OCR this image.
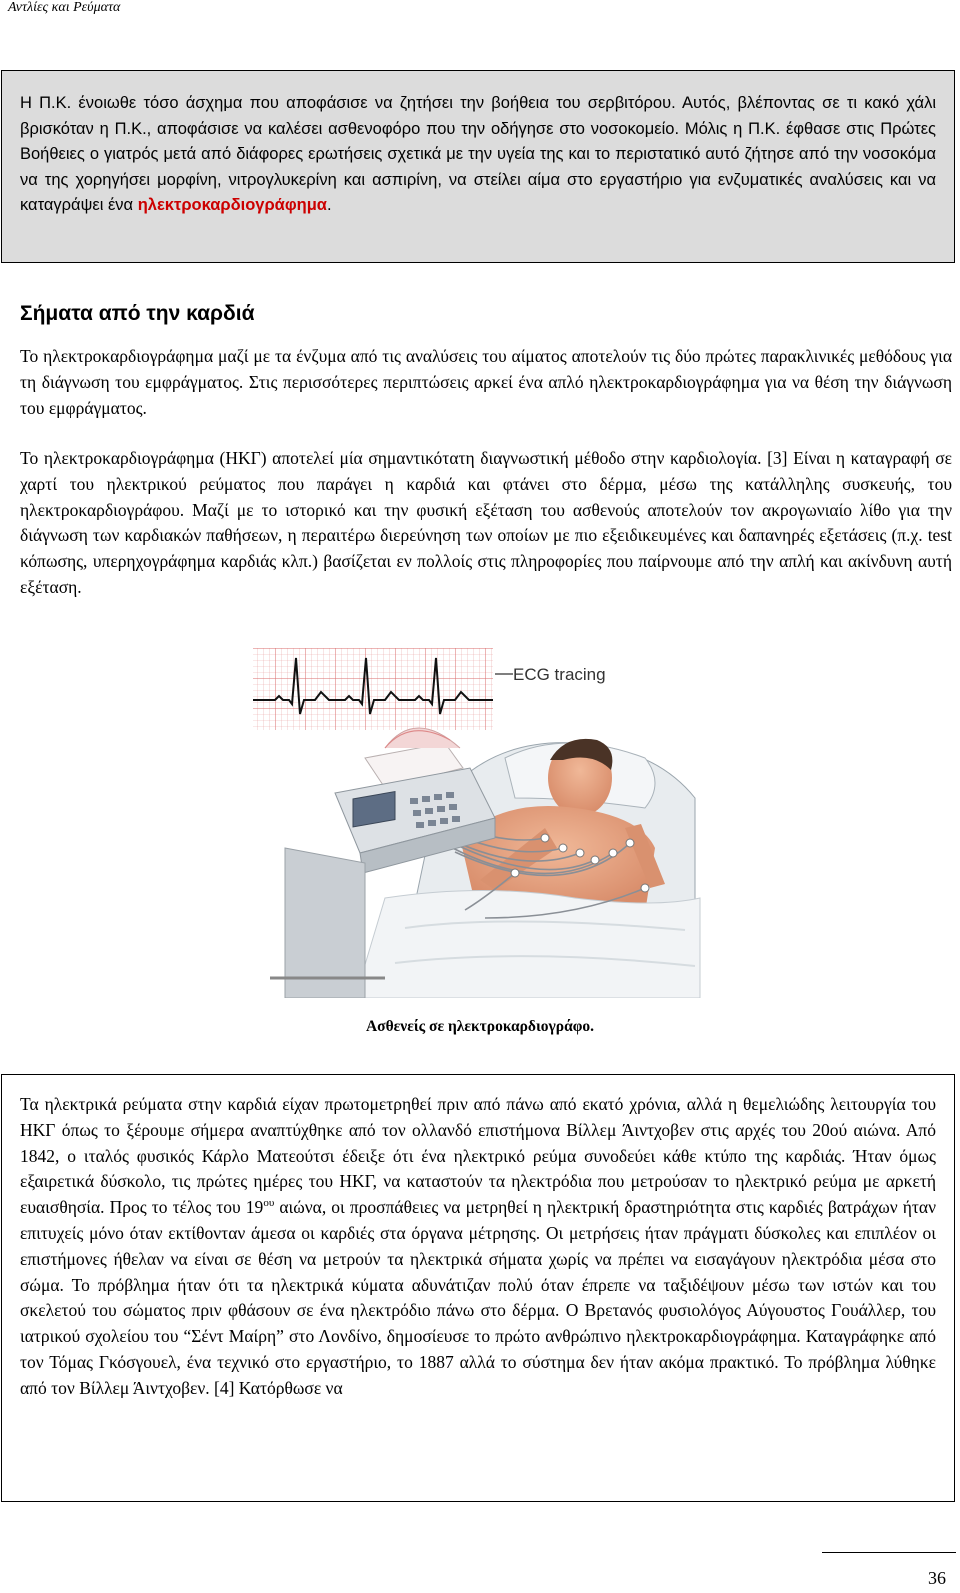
Αντλίες και Ρεύματα

Η Π.Κ. ένοιωθε τόσο άσχημα που αποφάσισε να ζητήσει την βοήθεια του σερβιτόρου. Αυτός, βλέποντας σε τι κακό χάλι βρισκόταν η Π.Κ., αποφάσισε να καλέσει ασθενοφόρο που την οδήγησε στο νοσοκομείο. Μόλις η Π.Κ. έφθασε στις Πρώτες Βοήθειες ο γιατρός μετά από διάφορες ερωτήσεις σχετικά με την υγεία της και το περιστατικό αυτό ζήτησε από την νοσοκόμα να της χορηγήσει μορφίνη, νιτρογλυκερίνη και ασπιρίνη, να στείλει αίμα στο εργαστήριο για ενζυματικές αναλύσεις και να καταγράψει ένα ηλεκτροκαρδιογράφημα.

Σήματα από την καρδιά

Το ηλεκτροκαρδιογράφημα μαζί με τα ένζυμα από τις αναλύσεις του αίματος αποτελούν τις δύο πρώτες παρακλινικές μεθόδους για τη διάγνωση του εμφράγματος. Στις περισσότερες περιπτώσεις αρκεί ένα απλό ηλεκτροκαρδιογράφημα για να θέση την διάγνωση του εμφράγματος.

Το ηλεκτροκαρδιογράφημα (ΗΚΓ) αποτελεί μία σημαντικότατη διαγνωστική μέθοδο στην καρδιολογία. [3] Είναι η καταγραφή σε χαρτί του ηλεκτρικού ρεύματος που παράγει η καρδιά και φτάνει στο δέρμα, μέσω της κατάλληλης συσκευής, του ηλεκτροκαρδιογράφου. Μαζί με το ιστορικό και την φυσική εξέταση του ασθενούς αποτελούν τον ακρογωνιαίο λίθο για την διάγνωση των καρδιακών παθήσεων, η περαιτέρω διερεύνηση των οποίων με πιο εξειδικευμένες και δαπανηρές εξετάσεις (π.χ. test κόπωσης, υπερηχογράφημα καρδιάς κλπ.) βασίζεται εν πολλοίς στις πληροφορίες που παίρνουμε από την απλή και ακίνδυνη αυτή εξέταση.

ECG tracing
Ασθενείς σε ηλεκτροκαρδιογράφο.

Τα ηλεκτρικά ρεύματα στην καρδιά είχαν πρωτομετρηθεί πριν από πάνω από εκατό χρόνια, αλλά η θεμελιώδης λειτουργία του ΗΚΓ όπως το ξέρουμε σήμερα αναπτύχθηκε από τον ολλανδό επιστήμονα Βίλλεμ Άιντχοβεν στις αρχές του 20ού αιώνα. Από 1842, ο ιταλός φυσικός Κάρλο Ματεούτσι έδειξε ότι ένα ηλεκτρικό ρεύμα συνοδεύει κάθε κτύπο της καρδιάς. Ήταν όμως εξαιρετικά δύσκολο, τις πρώτες ημέρες του ΗΚΓ, να καταστούν τα ηλεκτρόδια που μετρούσαν το ηλεκτρικό ρεύμα με αρκετή ευαισθησία. Προς το τέλος του $19^{o\upsilon}$ αιώνα, οι προσπάθειες να μετρηθεί η ηλεκτρική δραστηριότητα στις καρδιές βατράχων ήταν επιτυχείς μόνο όταν εκτίθονταν άμεσα οι καρδιές στα όργανα μέτρησης. Οι μετρήσεις ήταν πράγματι δύσκολες και επιπλέον οι επιστήμονες ήθελαν να είναι σε θέση να μετρούν τα ηλεκτρικά σήματα χωρίς να πρέπει να εισαγάγουν ηλεκτρόδια μέσα στο σώμα. Το πρόβλημα ήταν ότι τα ηλεκτρικά κύματα αδυνάτιζαν πολύ όταν έπρεπε να ταξιδέψουν μέσω των ιστών και του σκελετού του σώματος πριν φθάσουν σε ένα ηλεκτρόδιο πάνω στο δέρμα. Ο Βρετανός φυσιολόγος Αύγουστος Γουάλλερ, του ιατρικού σχολείου του “Σέντ Μαίρη” στο Λονδίνο, δημοσίευσε το πρώτο ανθρώπινο ηλεκτροκαρδιογράφημα. Καταγράφηκε από τον Τόμας Γκόσγουελ, ένα τεχνικό στο εργαστήριο, το 1887 αλλά το σύστημα δεν ήταν ακόμα πρακτικό. Το πρόβλημα λύθηκε από τον Βίλλεμ Άιντχοβεν. [4] Κατόρθωσε να

36
